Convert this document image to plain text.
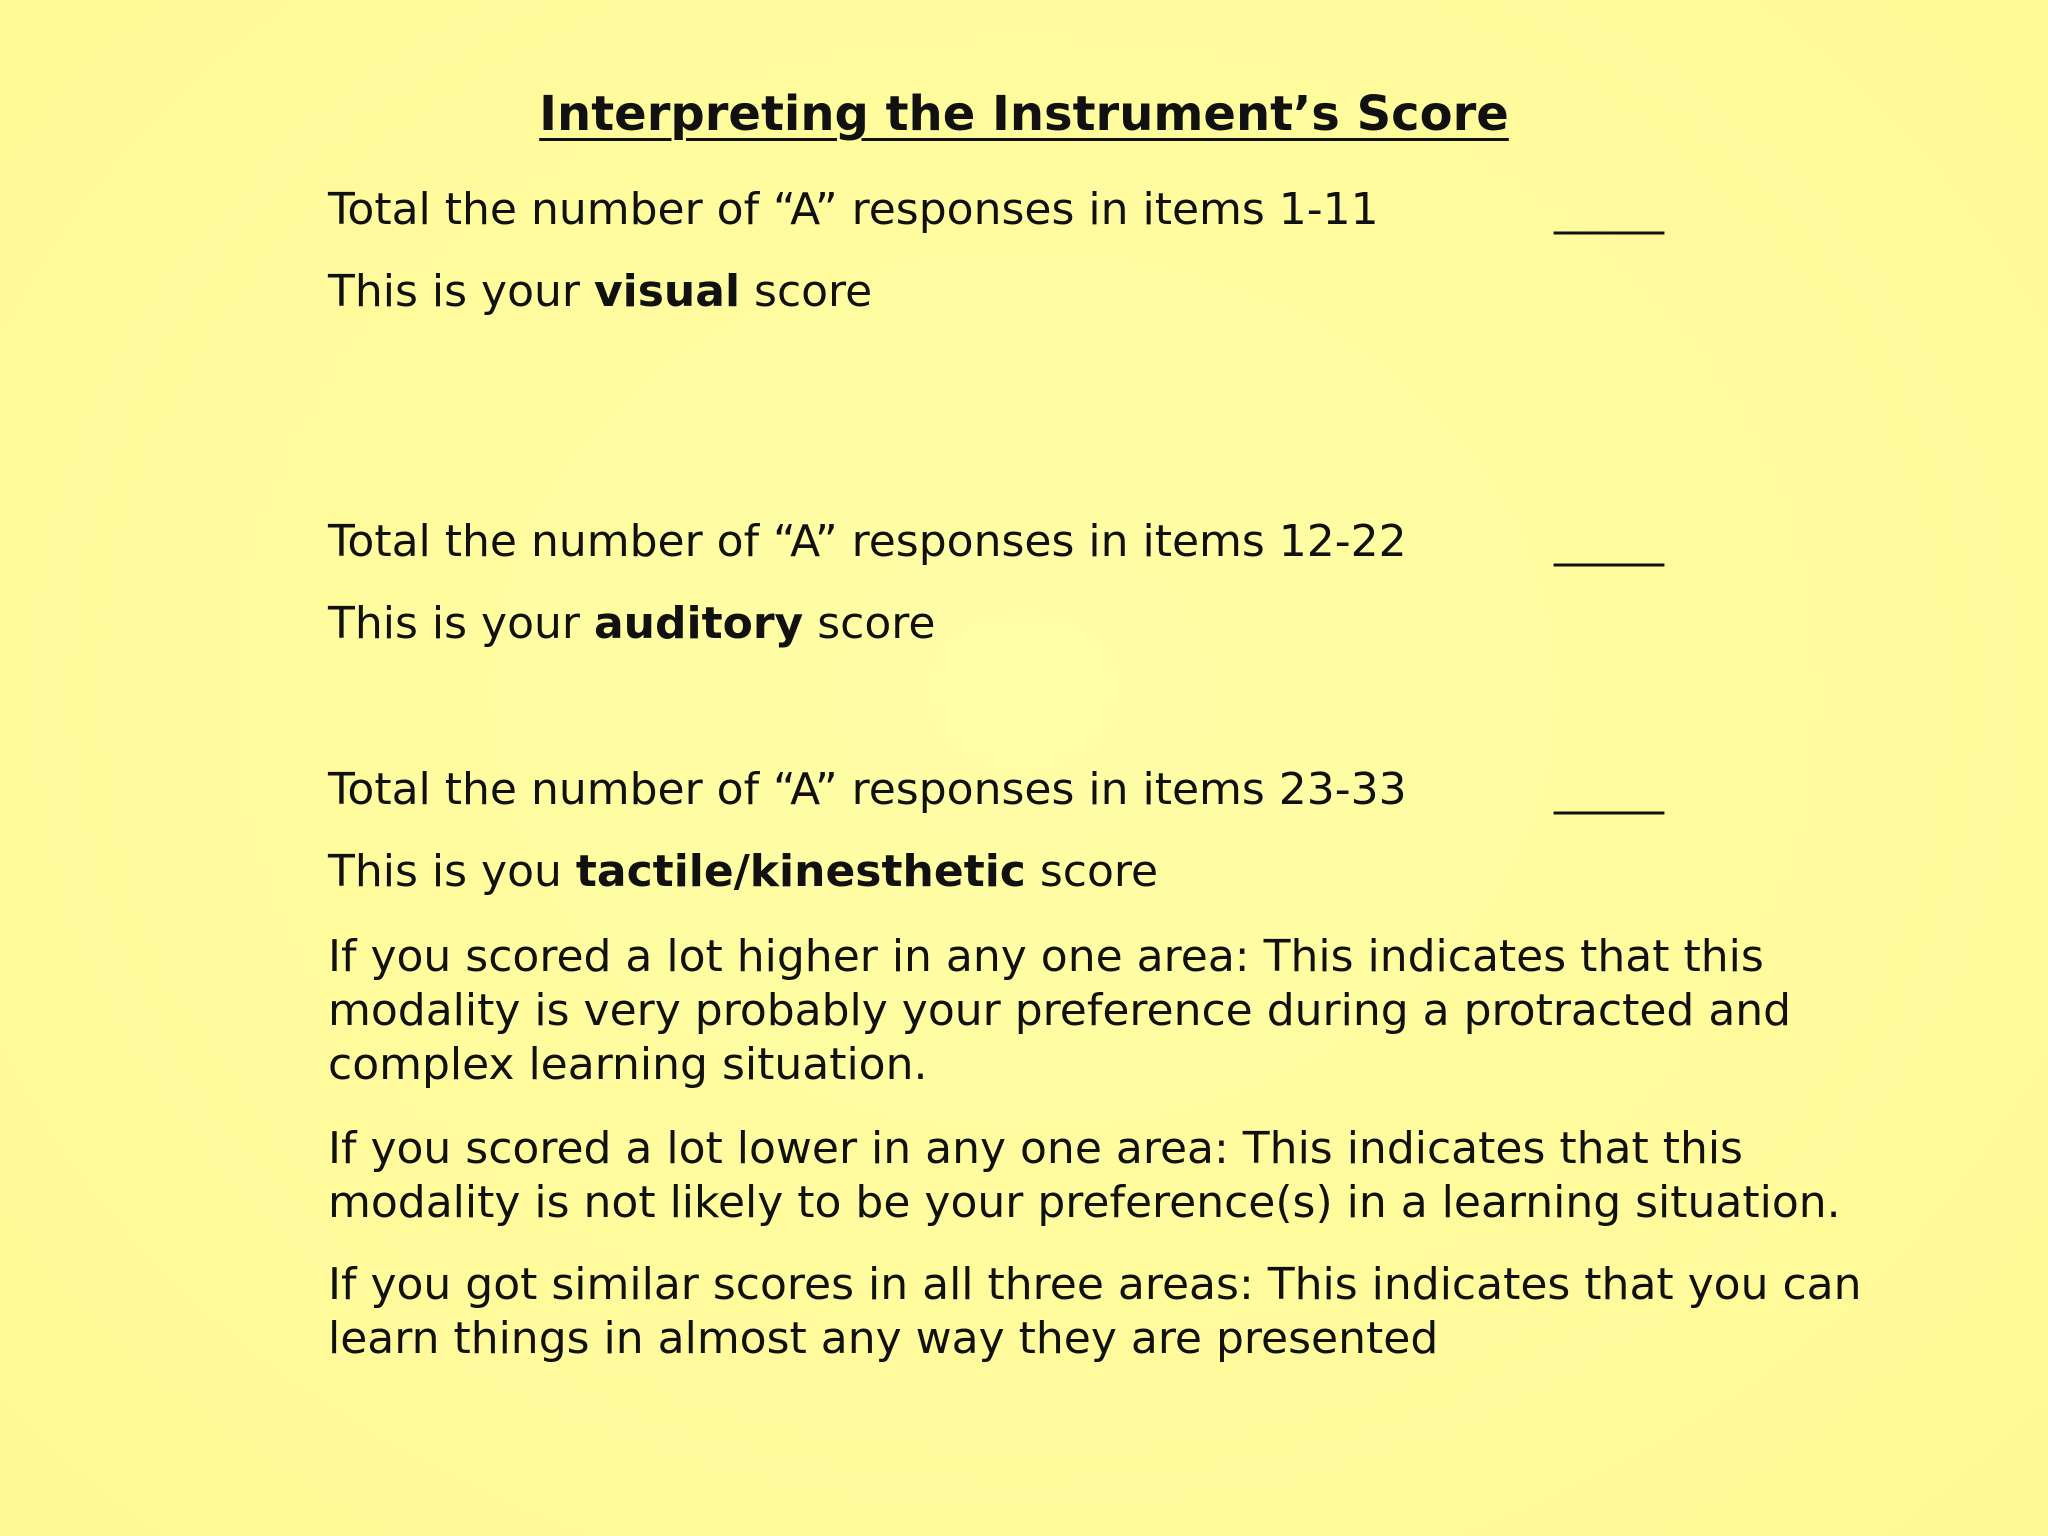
Interpreting the Instrument’s Score
Total the number of “A” responses in items 1-11	_____
This is your visual score
Total the number of “A” responses in items 12-22	_____
This is your auditory score
Total the number of “A” responses in items 23-33	_____
This is you tactile/kinesthetic score
If you scored a lot higher in any one area: This indicates that this modality is very probably your preference during a protracted and complex learning situation.
If you scored a lot lower in any one area: This indicates that this modality is not likely to be your preference(s) in a learning situation.
If you got similar scores in all three areas: This indicates that you can learn things in almost any way they are presented
